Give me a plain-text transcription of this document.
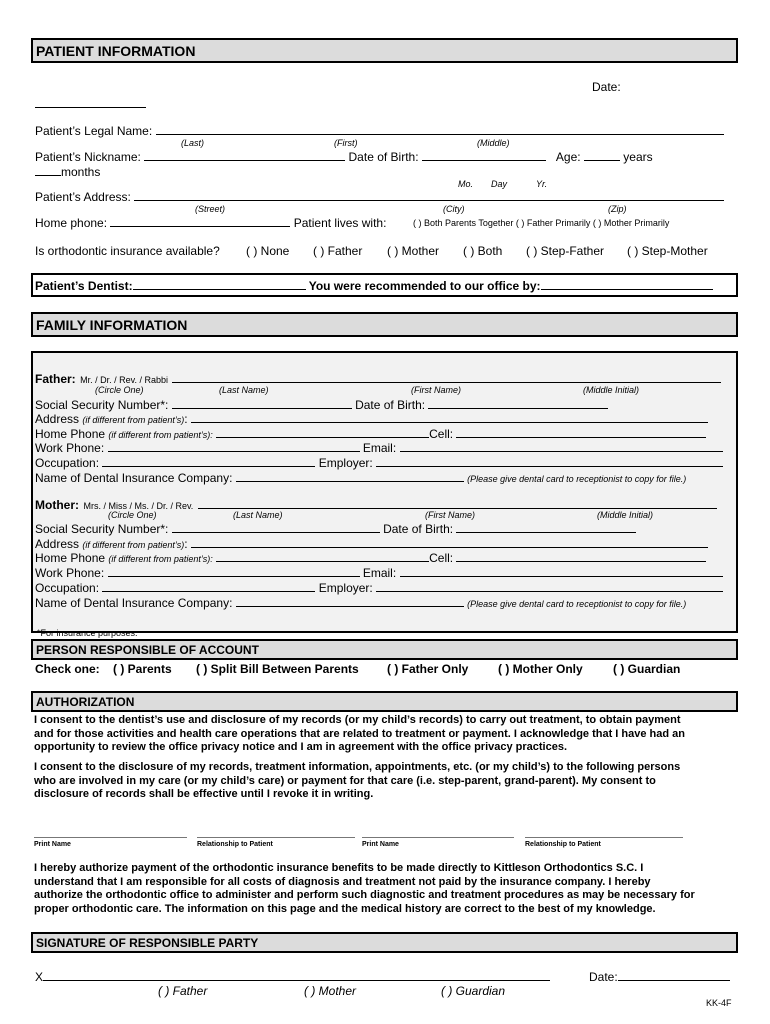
PATIENT INFORMATION
Date:
Patient’s Legal Name:
(Last)	(First)	(Middle)
Patient’s Nickname:	Date of Birth:	Age:	years
months
Mo. Day	Yr.
Patient’s Address:
(Street)	(City)	(Zip)
Home phone:	Patient lives with:	( ) Both Parents Together ( ) Father Primarily ( ) Mother Primarily
Is orthodontic insurance available? ( ) None ( ) Father ( ) Mother ( ) Both ( ) Step-Father ( ) Step-Mother
Patient’s Dentist:	You were recommended to our office by:
FAMILY INFORMATION
Father: Mr. / Dr. / Rev. / Rabbi
(Circle One)	(Last Name)	(First Name)	(Middle Initial)
Social Security Number*:	Date of Birth:
Address (if different from patient’s):
Home Phone (if different from patient’s):	Cell:
Work Phone:	Email:
Occupation:	Employer:
Name of Dental Insurance Company:	(Please give dental card to receptionist to copy for file.)
Mother: Mrs. / Miss / Ms. / Dr. / Rev.
(Circle One)	(Last Name)	(First Name)	(Middle Initial)
Social Security Number*:	Date of Birth:
Address (if different from patient’s):
Home Phone (if different from patient’s):	Cell:
Work Phone:	Email:
Occupation:	Employer:
Name of Dental Insurance Company:	(Please give dental card to receptionist to copy for file.)
*For insurance purposes.
PERSON RESPONSIBLE OF ACCOUNT
Check one: ( ) Parents ( ) Split Bill Between Parents ( ) Father Only ( ) Mother Only	( ) Guardian
AUTHORIZATION
I consent to the dentist’s use and disclosure of my records (or my child’s records) to carry out treatment, to obtain payment
and for those activities and health care operations that are related to treatment or payment. I acknowledge that I have had an
opportunity to review the office privacy notice and I am in agreement with the office privacy practices.
I consent to the disclosure of my records, treatment information, appointments, etc. (or my child’s) to the following persons
who are involved in my care (or my child’s care) or payment for that care (i.e. step-parent, grand-parent). My consent to
disclosure of records shall be effective until I revoke it in writing.
Print Name	Relationship to Patient	Print Name	Relationship to Patient
I hereby authorize payment of the orthodontic insurance benefits to be made directly to Kittleson Orthodontics S.C. I
understand that I am responsible for all costs of diagnosis and treatment not paid by the insurance company. I hereby
authorize the orthodontic office to administer and perform such diagnostic and treatment procedures as may be necessary for
proper orthodontic care. The information on this page and the medical history are correct to the best of my knowledge.
SIGNATURE OF RESPONSIBLE PARTY
X	Date:
( ) Father	( ) Mother	( ) Guardian
KK-4F
